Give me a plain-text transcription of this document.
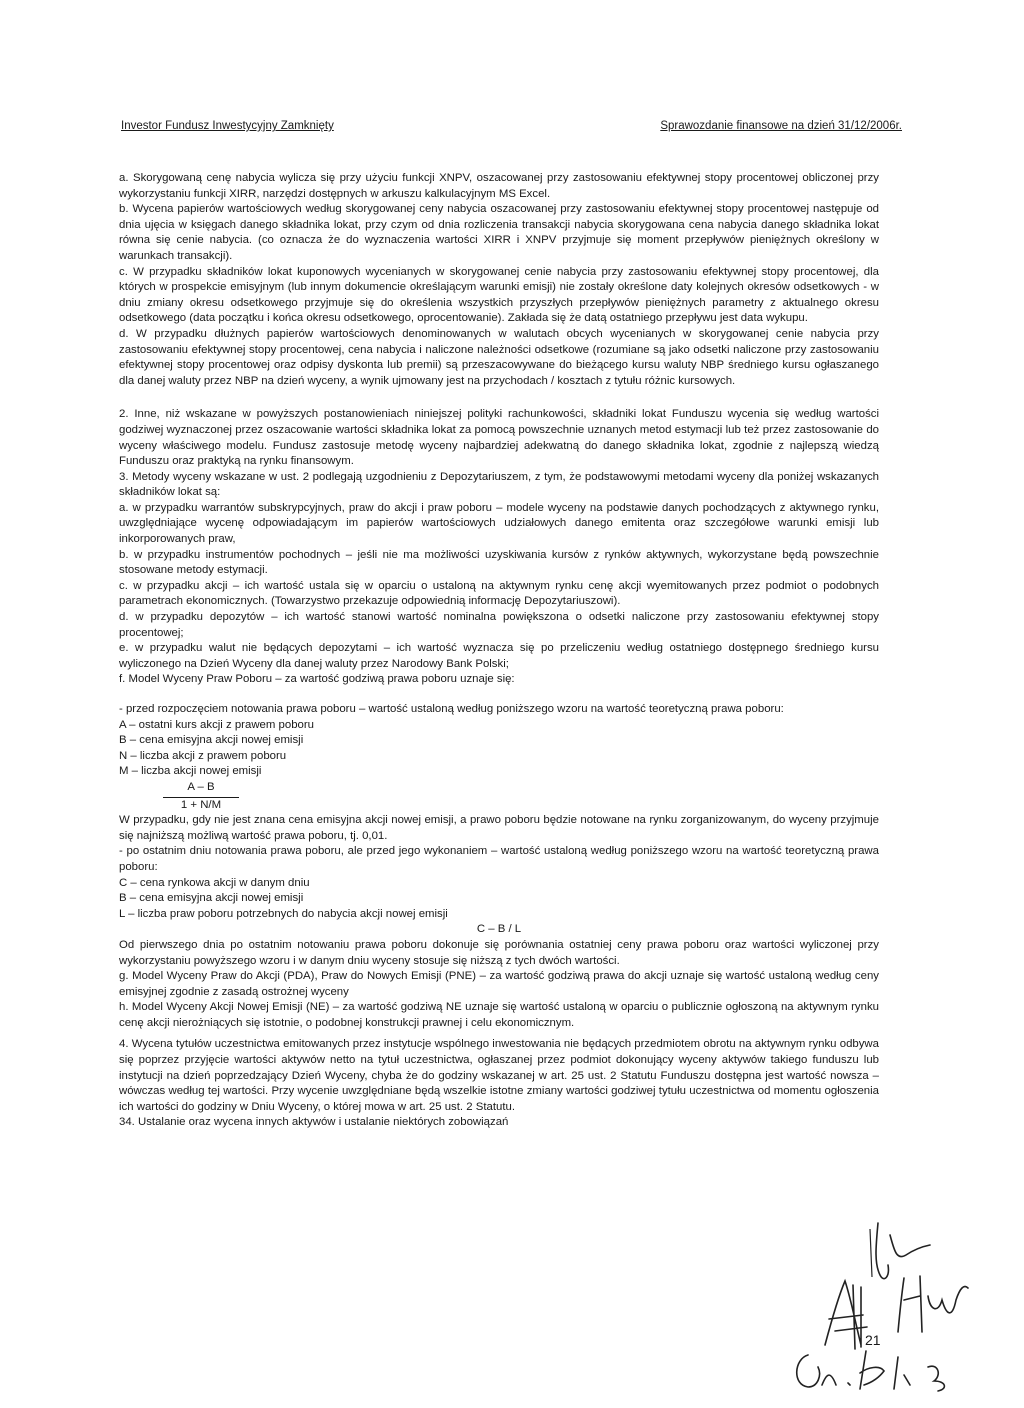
Investor Fundusz Inwestycyjny Zamknięty	Sprawozdanie finansowe na dzień 31/12/2006r.

a. Skorygowaną cenę nabycia wylicza się przy użyciu funkcji XNPV, oszacowanej przy zastosowaniu efektywnej stopy procentowej obliczonej przy wykorzystaniu funkcji XIRR, narzędzi dostępnych w arkuszu kalkulacyjnym MS Excel.

b. Wycena papierów wartościowych według skorygowanej ceny nabycia oszacowanej przy zastosowaniu efektywnej stopy procentowej następuje od dnia ujęcia w księgach danego składnika lokat, przy czym od dnia rozliczenia transakcji nabycia skorygowana cena nabycia danego składnika lokat równa się cenie nabycia. (co oznacza że do wyznaczenia wartości XIRR i XNPV przyjmuje się moment przepływów pieniężnych określony w warunkach transakcji).

c. W przypadku składników lokat kuponowych wycenianych w skorygowanej cenie nabycia przy zastosowaniu efektywnej stopy procentowej, dla których w prospekcie emisyjnym (lub innym dokumencie określającym warunki emisji) nie zostały określone daty kolejnych okresów odsetkowych - w dniu zmiany okresu odsetkowego przyjmuje się do określenia wszystkich przyszłych przepływów pieniężnych parametry z aktualnego okresu odsetkowego (data początku i końca okresu odsetkowego, oprocentowanie). Zakłada się że datą ostatniego przepływu jest data wykupu.

d. W przypadku dłużnych papierów wartościowych denominowanych w walutach obcych wycenianych w skorygowanej cenie nabycia przy zastosowaniu efektywnej stopy procentowej, cena nabycia i naliczone należności odsetkowe (rozumiane są jako odsetki naliczone przy zastosowaniu efektywnej stopy procentowej oraz odpisy dyskonta lub premii) są przeszacowywane do bieżącego kursu waluty NBP średniego kursu ogłaszanego dla danej waluty przez NBP na dzień wyceny, a wynik ujmowany jest na przychodach / kosztach z tytułu różnic kursowych.

2. Inne, niż wskazane w powyższych postanowieniach niniejszej polityki rachunkowości, składniki lokat Funduszu wycenia się według wartości godziwej wyznaczonej przez oszacowanie wartości składnika lokat za pomocą powszechnie uznanych metod estymacji lub też przez zastosowanie do wyceny właściwego modelu. Fundusz zastosuje metodę wyceny najbardziej adekwatną do danego składnika lokat, zgodnie z najlepszą wiedzą Funduszu oraz praktyką na rynku finansowym.

3. Metody wyceny wskazane w ust. 2 podlegają uzgodnieniu z Depozytariuszem, z tym, że podstawowymi metodami wyceny dla poniżej wskazanych składników lokat są:

a. w przypadku warrantów subskrypcyjnych, praw do akcji i praw poboru – modele wyceny na podstawie danych pochodzących z aktywnego rynku, uwzględniające wycenę odpowiadającym im papierów wartościowych udziałowych danego emitenta oraz szczegółowe warunki emisji lub inkorporowanych praw,

b. w przypadku instrumentów pochodnych – jeśli nie ma możliwości uzyskiwania kursów z rynków aktywnych, wykorzystane będą powszechnie stosowane metody estymacji.

c. w przypadku akcji – ich wartość ustala się w oparciu o ustaloną na aktywnym rynku cenę akcji wyemitowanych przez podmiot o podobnych parametrach ekonomicznych. (Towarzystwo przekazuje odpowiednią informację Depozytariuszowi).

d. w przypadku depozytów – ich wartość stanowi wartość nominalna powiększona o odsetki naliczone przy zastosowaniu efektywnej stopy procentowej;

e. w przypadku walut nie będących depozytami – ich wartość wyznacza się po przeliczeniu według ostatniego dostępnego średniego kursu wyliczonego na Dzień Wyceny dla danej waluty przez Narodowy Bank Polski;

f. Model Wyceny Praw Poboru – za wartość godziwą prawa poboru uznaje się:

- przed rozpoczęciem notowania prawa poboru – wartość ustaloną według poniższego wzoru na wartość teoretyczną prawa poboru:

A – ostatni kurs akcji z prawem poboru

B – cena emisyjna akcji nowej emisji

N – liczba akcji z prawem poboru

M – liczba akcji nowej emisji

A – B
1 + N/M

W przypadku, gdy nie jest znana cena emisyjna akcji nowej emisji, a prawo poboru będzie notowane na rynku zorganizowanym, do wyceny przyjmuje się najniższą możliwą wartość prawa poboru, tj. 0,01.

- po ostatnim dniu notowania prawa poboru, ale przed jego wykonaniem – wartość ustaloną według poniższego wzoru na wartość teoretyczną prawa poboru:

C – cena rynkowa akcji w danym dniu

B – cena emisyjna akcji nowej emisji

L – liczba praw poboru potrzebnych do nabycia akcji nowej emisji

C – B / L

Od pierwszego dnia po ostatnim notowaniu prawa poboru dokonuje się porównania ostatniej ceny prawa poboru oraz wartości wyliczonej przy wykorzystaniu powyższego wzoru i w danym dniu wyceny stosuje się niższą z tych dwóch wartości.

g. Model Wyceny Praw do Akcji (PDA), Praw do Nowych Emisji (PNE) – za wartość godziwą prawa do akcji uznaje się wartość ustaloną według ceny emisyjnej zgodnie z zasadą ostrożnej wyceny

h. Model Wyceny Akcji Nowej Emisji (NE) – za wartość godziwą NE uznaje się wartość ustaloną w oparciu o publicznie ogłoszoną na aktywnym rynku cenę akcji nierożniących się istotnie, o podobnej konstrukcji prawnej i celu ekonomicznym.

4. Wycena tytułów uczestnictwa emitowanych przez instytucje wspólnego inwestowania nie będących przedmiotem obrotu na aktywnym rynku odbywa się poprzez przyjęcie wartości aktywów netto na tytuł uczestnictwa, ogłaszanej przez podmiot dokonujący wyceny aktywów takiego funduszu lub instytucji na dzień poprzedzający Dzień Wyceny, chyba że do godziny wskazanej w art. 25 ust. 2 Statutu Funduszu dostępna jest wartość nowsza – wówczas według tej wartości. Przy wycenie uwzględniane będą wszelkie istotne zmiany wartości godziwej tytułu uczestnictwa od momentu ogłoszenia ich wartości do godziny w Dniu Wyceny, o której mowa w art. 25 ust. 2 Statutu.

34. Ustalanie oraz wycena innych aktywów i ustalanie niektórych zobowiązań

21
